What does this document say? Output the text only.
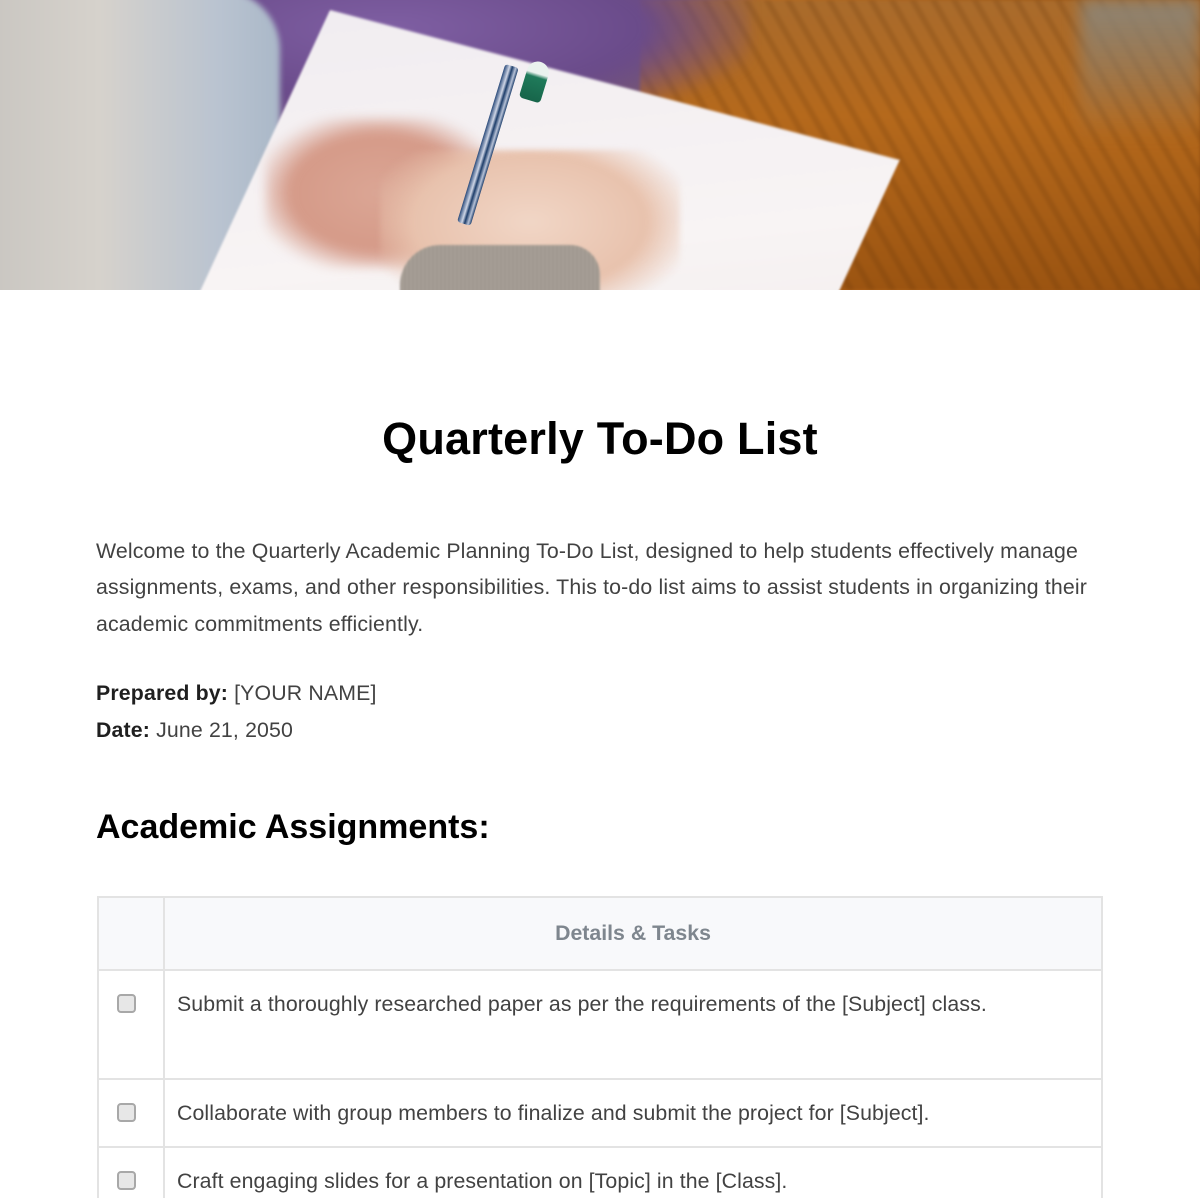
Quarterly To-Do List

Welcome to the Quarterly Academic Planning To-Do List, designed to help students effectively manage assignments, exams, and other responsibilities. This to-do list aims to assist students in organizing their academic commitments efficiently.

Prepared by: [YOUR NAME]
Date: June 21, 2050
Academic Assignments:
	Details & Tasks
	Submit a thoroughly researched paper as per the requirements of the [Subject] class.
	Collaborate with group members to finalize and submit the project for [Subject].
	Craft engaging slides for a presentation on [Topic] in the [Class].
